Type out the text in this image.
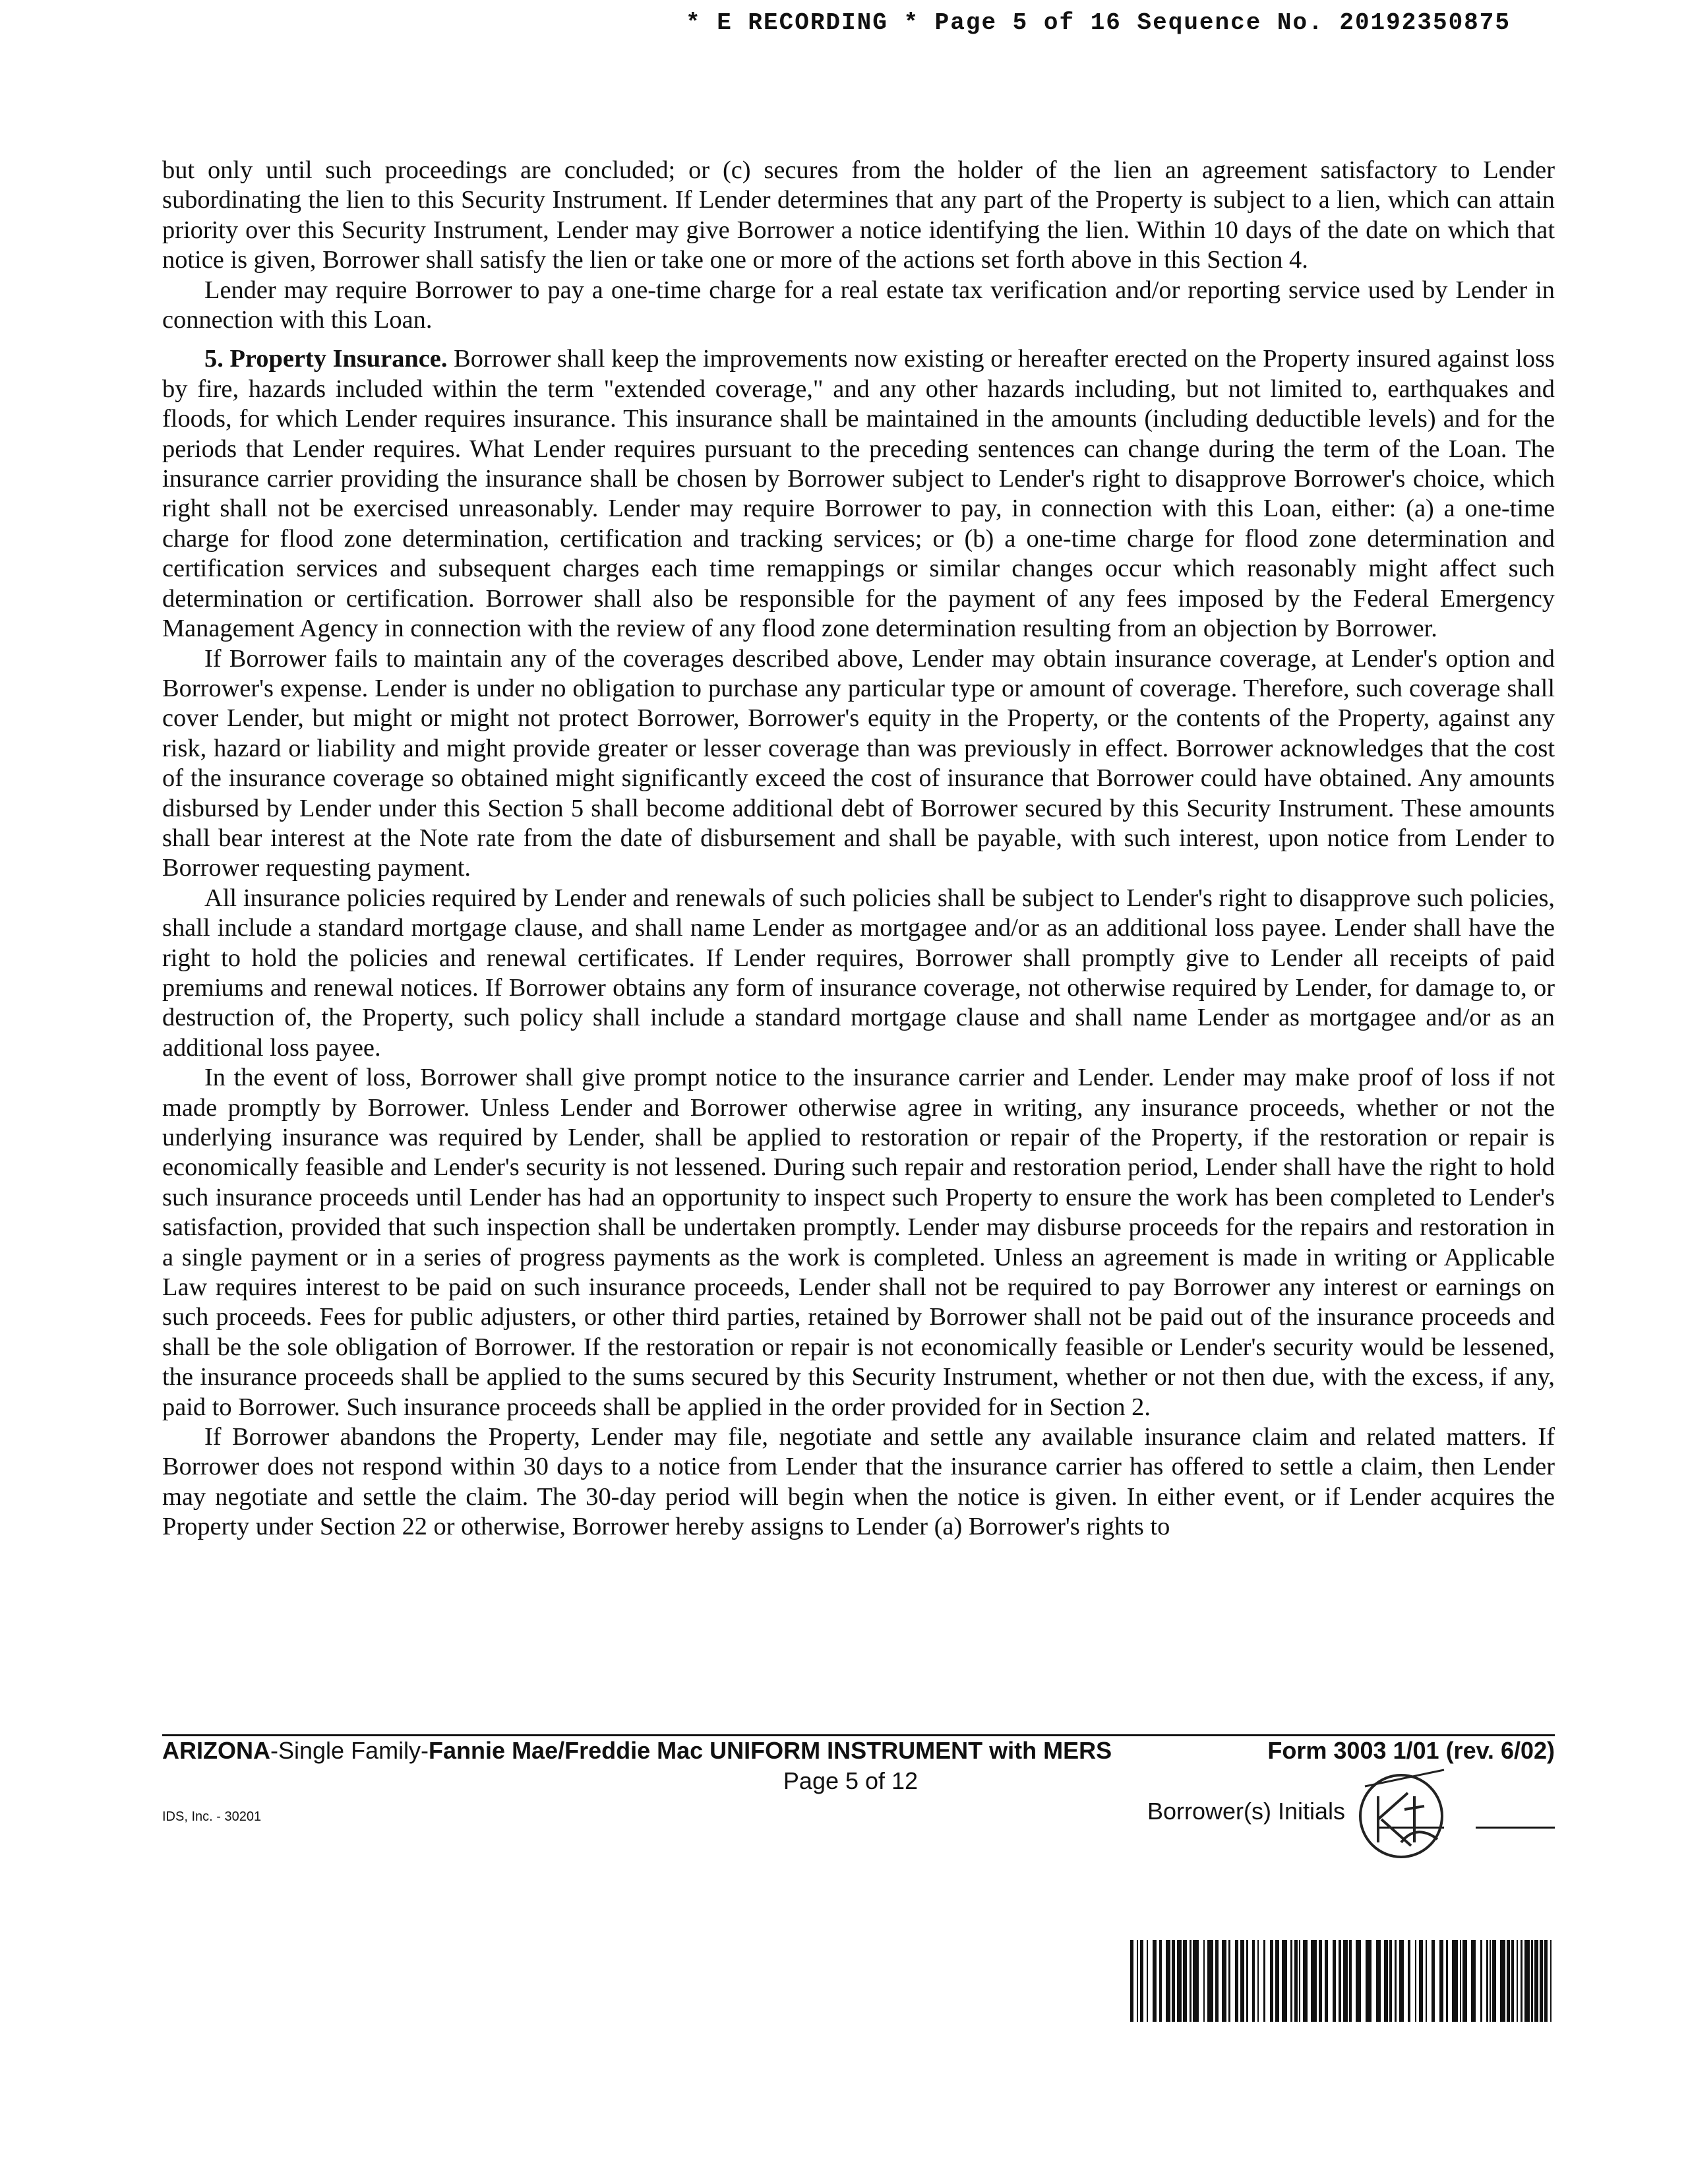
* E RECORDING * Page 5 of 16 Sequence No. 20192350875

but only until such proceedings are concluded; or (c) secures from the holder of the lien an agreement satisfactory to Lender subordinating the lien to this Security Instrument. If Lender determines that any part of the Property is subject to a lien, which can attain priority over this Security Instrument, Lender may give Borrower a notice identifying the lien. Within 10 days of the date on which that notice is given, Borrower shall satisfy the lien or take one or more of the actions set forth above in this Section 4.

Lender may require Borrower to pay a one-time charge for a real estate tax verification and/or reporting service used by Lender in connection with this Loan.

5. Property Insurance. Borrower shall keep the improvements now existing or hereafter erected on the Property insured against loss by fire, hazards included within the term "extended coverage," and any other hazards including, but not limited to, earthquakes and floods, for which Lender requires insurance. This insurance shall be maintained in the amounts (including deductible levels) and for the periods that Lender requires. What Lender requires pursuant to the preceding sentences can change during the term of the Loan. The insurance carrier providing the insurance shall be chosen by Borrower subject to Lender's right to disapprove Borrower's choice, which right shall not be exercised unreasonably. Lender may require Borrower to pay, in connection with this Loan, either: (a) a one-time charge for flood zone determination, certification and tracking services; or (b) a one-time charge for flood zone determination and certification services and subsequent charges each time remappings or similar changes occur which reasonably might affect such determination or certification. Borrower shall also be responsible for the payment of any fees imposed by the Federal Emergency Management Agency in connection with the review of any flood zone determination resulting from an objection by Borrower.

If Borrower fails to maintain any of the coverages described above, Lender may obtain insurance coverage, at Lender's option and Borrower's expense. Lender is under no obligation to purchase any particular type or amount of coverage. Therefore, such coverage shall cover Lender, but might or might not protect Borrower, Borrower's equity in the Property, or the contents of the Property, against any risk, hazard or liability and might provide greater or lesser coverage than was previously in effect. Borrower acknowledges that the cost of the insurance coverage so obtained might significantly exceed the cost of insurance that Borrower could have obtained. Any amounts disbursed by Lender under this Section 5 shall become additional debt of Borrower secured by this Security Instrument. These amounts shall bear interest at the Note rate from the date of disbursement and shall be payable, with such interest, upon notice from Lender to Borrower requesting payment.

All insurance policies required by Lender and renewals of such policies shall be subject to Lender's right to disapprove such policies, shall include a standard mortgage clause, and shall name Lender as mortgagee and/or as an additional loss payee. Lender shall have the right to hold the policies and renewal certificates. If Lender requires, Borrower shall promptly give to Lender all receipts of paid premiums and renewal notices. If Borrower obtains any form of insurance coverage, not otherwise required by Lender, for damage to, or destruction of, the Property, such policy shall include a standard mortgage clause and shall name Lender as mortgagee and/or as an additional loss payee.

In the event of loss, Borrower shall give prompt notice to the insurance carrier and Lender. Lender may make proof of loss if not made promptly by Borrower. Unless Lender and Borrower otherwise agree in writing, any insurance proceeds, whether or not the underlying insurance was required by Lender, shall be applied to restoration or repair of the Property, if the restoration or repair is economically feasible and Lender's security is not lessened. During such repair and restoration period, Lender shall have the right to hold such insurance proceeds until Lender has had an opportunity to inspect such Property to ensure the work has been completed to Lender's satisfaction, provided that such inspection shall be undertaken promptly. Lender may disburse proceeds for the repairs and restoration in a single payment or in a series of progress payments as the work is completed. Unless an agreement is made in writing or Applicable Law requires interest to be paid on such insurance proceeds, Lender shall not be required to pay Borrower any interest or earnings on such proceeds. Fees for public adjusters, or other third parties, retained by Borrower shall not be paid out of the insurance proceeds and shall be the sole obligation of Borrower. If the restoration or repair is not economically feasible or Lender's security would be lessened, the insurance proceeds shall be applied to the sums secured by this Security Instrument, whether or not then due, with the excess, if any, paid to Borrower. Such insurance proceeds shall be applied in the order provided for in Section 2.

If Borrower abandons the Property, Lender may file, negotiate and settle any available insurance claim and related matters. If Borrower does not respond within 30 days to a notice from Lender that the insurance carrier has offered to settle a claim, then Lender may negotiate and settle the claim. The 30-day period will begin when the notice is given. In either event, or if Lender acquires the Property under Section 22 or otherwise, Borrower hereby assigns to Lender (a) Borrower's rights to

ARIZONA-Single Family-Fannie Mae/Freddie Mac UNIFORM INSTRUMENT with MERS	Form 3003 1/01 (rev. 6/02)
Page 5 of 12
IDS, Inc. - 30201	Borrower(s) Initials
